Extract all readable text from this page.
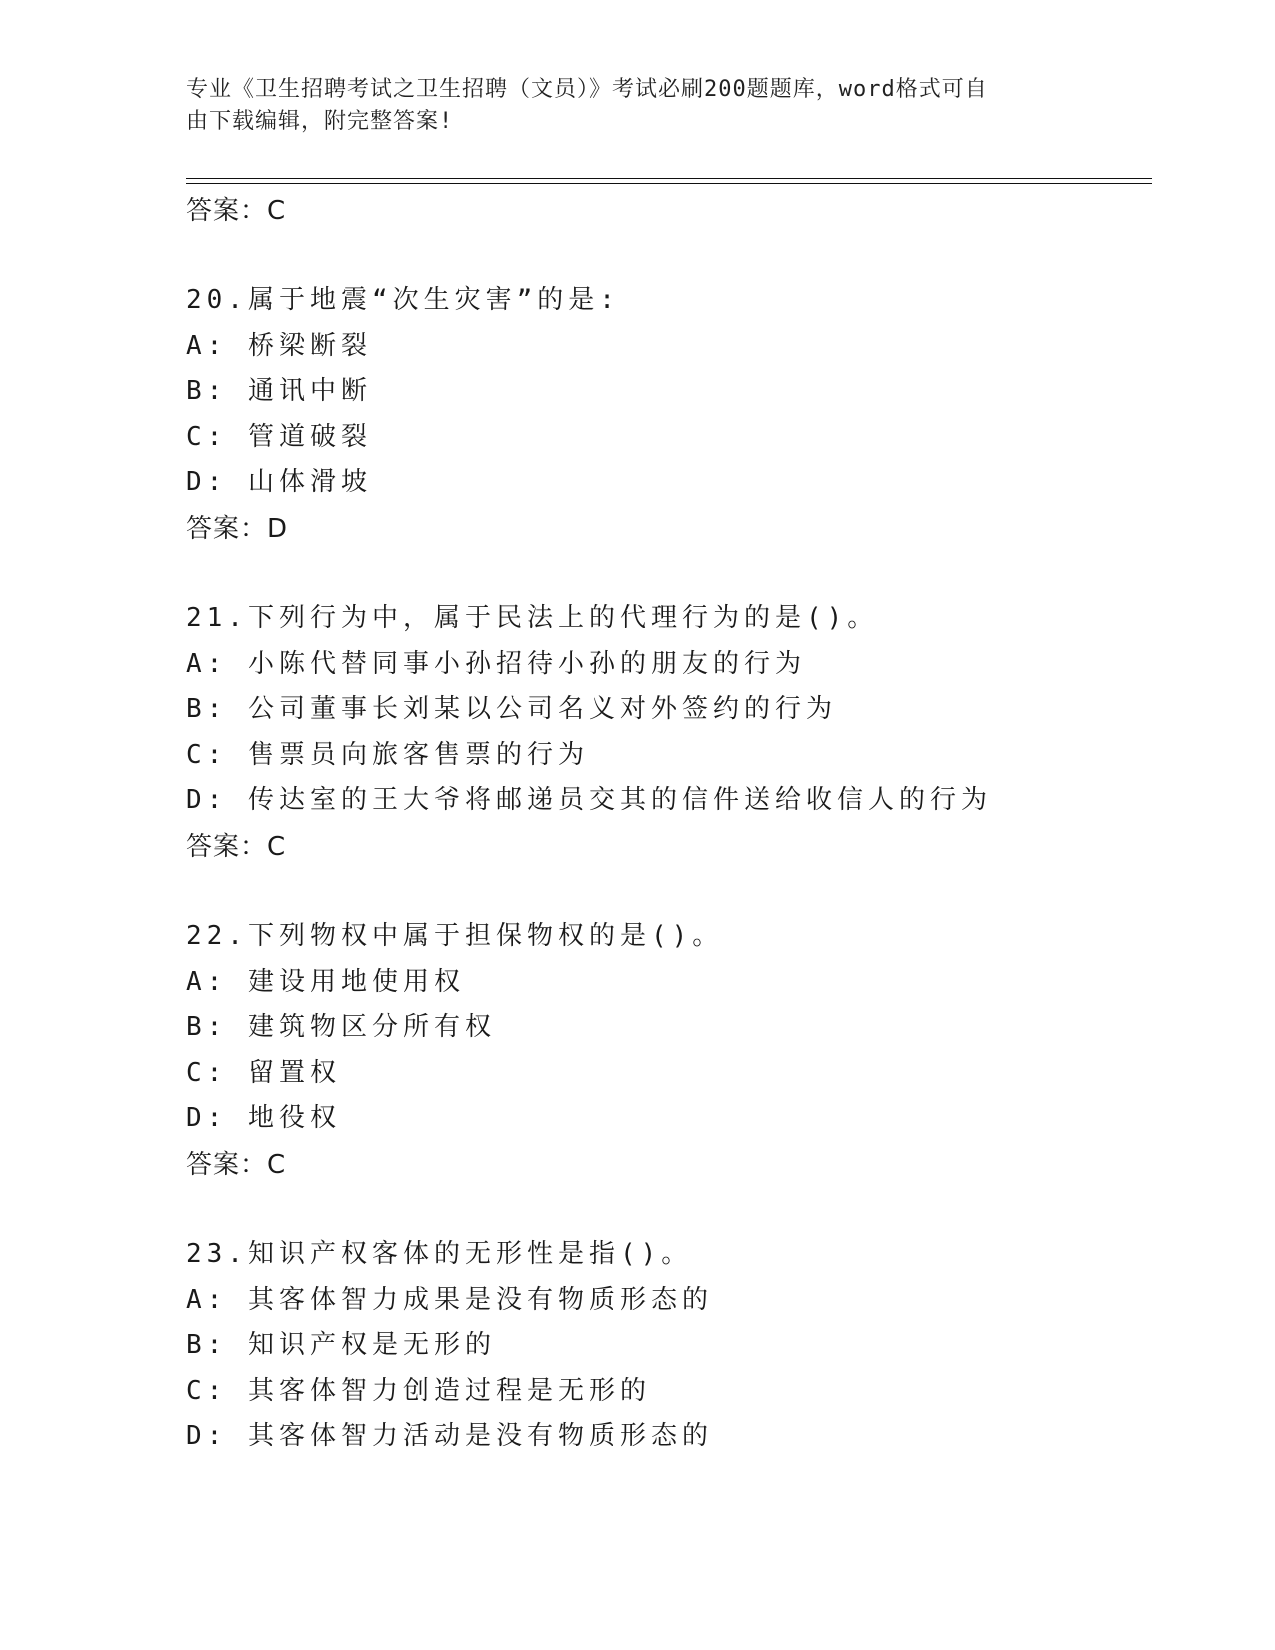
专业《卫生招聘考试之卫生招聘（文员）》考试必刷200题题库，word格式可自
由下载编辑，附完整答案!
答案：C
20.属于地震“次生灾害”的是:
A: 桥梁断裂
B: 通讯中断
C: 管道破裂
D: 山体滑坡
答案：D
21.下列行为中，属于民法上的代理行为的是()。
A: 小陈代替同事小孙招待小孙的朋友的行为
B: 公司董事长刘某以公司名义对外签约的行为
C: 售票员向旅客售票的行为
D: 传达室的王大爷将邮递员交其的信件送给收信人的行为
答案：C
22.下列物权中属于担保物权的是()。
A: 建设用地使用权
B: 建筑物区分所有权
C: 留置权
D: 地役权
答案：C
23.知识产权客体的无形性是指()。
A: 其客体智力成果是没有物质形态的
B: 知识产权是无形的
C: 其客体智力创造过程是无形的
D: 其客体智力活动是没有物质形态的
